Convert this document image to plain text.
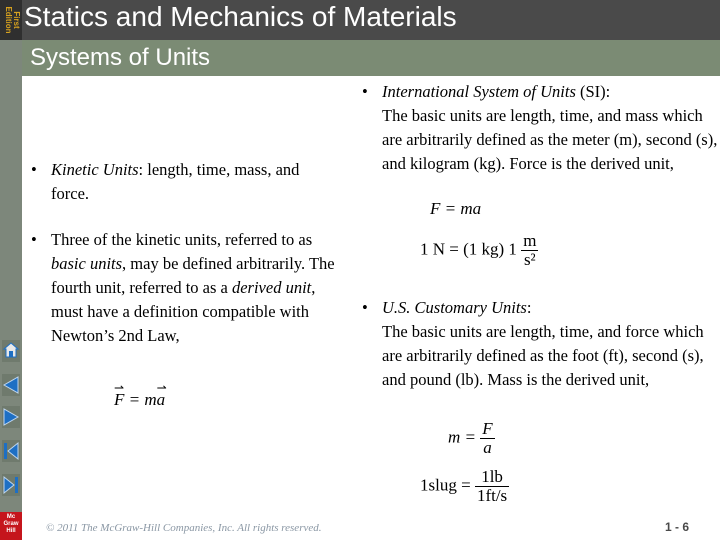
First Edition
Mc Graw Hill
Statics and Mechanics of Materials
Systems of Units
• Kinetic Units: length, time, mass, and force.
• Three of the kinetic units, referred to as basic units, may be defined arbitrarily. The fourth unit, referred to as a derived unit, must have a definition compatible with Newton’s 2nd Law,
⇀ F = m⇀ a
• International System of Units (SI):
The basic units are length, time, and mass which are arbitrarily defined as the meter (m), second (s), and kilogram (kg). Force is the derived unit,
F = ma
1 N = (1 kg) $1 \frac{m}{\text{s²}}$
• U.S. Customary Units:
The basic units are length, time, and force which are arbitrarily defined as the foot (ft), second (s), and pound (lb). Mass is the derived unit,
$m = \frac{F}{a}$
1slug = $\frac{1lb}{1ft/s}$
© 2011 The McGraw-Hill Companies, Inc. All rights reserved.	1 - 6
